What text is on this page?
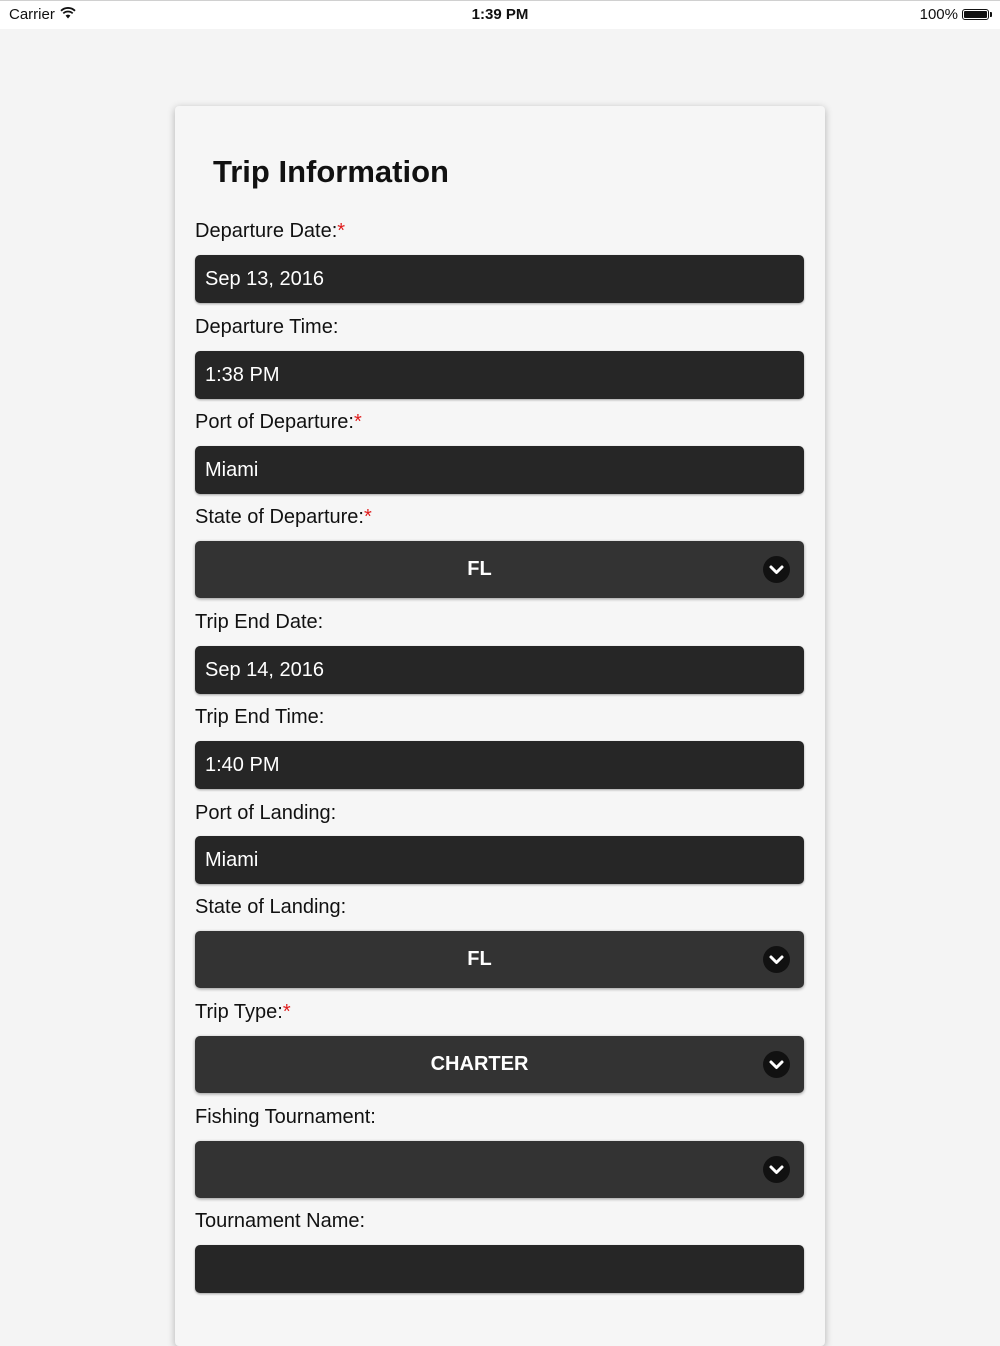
Carrier	1:39 PM	100%
Trip Information
Departure Date:*
Sep 13, 2016
Departure Time:
1:38 PM
Port of Departure:*
Miami
State of Departure:*
FL
Trip End Date:
Sep 14, 2016
Trip End Time:
1:40 PM
Port of Landing:
Miami
State of Landing:
FL
Trip Type:*
CHARTER
Fishing Tournament:
Tournament Name:
